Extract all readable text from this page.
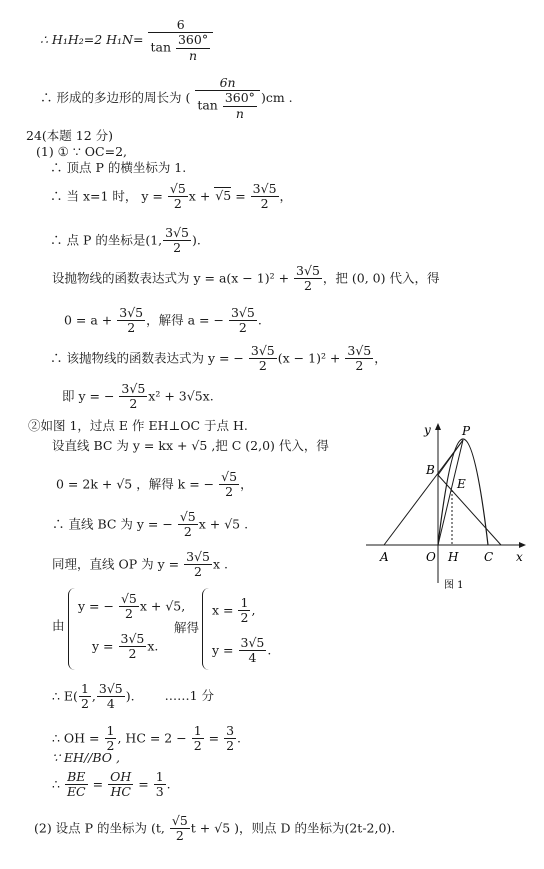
∴ H₁H₂=2 $H_1N= \frac{6}{\tan \frac{360^\circ}{n}}$
∴ 形成的多边形的周长为 ( $\frac{6n}{\tan \frac{360^\circ}{n}} )cm$ .
24(本题 12 分)
(1) ① ∵ OC=2,
∴ 顶点 P 的横坐标为 1.
∴ 当 x=1 时， $y = \frac{√5}{2}$ $x + √5 = \frac{3√5}{2}$ ，
∴ 点 P 的坐标是(1, $\frac{3√5}{2}$ ).
设抛物线的函数表达式为 $y = a(x - 1)^2 + \frac{3√5}{2}$ ，把 (0, 0) 代入，得
$0 = a + \frac{3√5}{2}$ ，解得 a = − $\frac{3√5}{2}$ .
∴ 该抛物线的函数表达式为 y = − $\frac{3√5}{2} (x - 1)^2 + \frac{3√5}{2}$ ，
即 y = − $\frac{3√5}{2} x^2 + 3√5x$.
②如图 1，过点 E 作 EH⊥OC 于点 H.
设直线 BC 为 y = kx + √5 ,把 C (2,0) 代入，得
0 = 2k + √5 ，解得 k = − $\frac{√5}{2}$ ，
∴ 直线 BC 为 y = − $\frac{√5}{2}$ x + √5 .
同理，直线 OP 为 $y = \frac{3√5}{2}$ x .
由
y = − $\frac{√5}{2}$ x + √5,
$y = \frac{3√5}{2} x$.
解得
$x = \frac{1}{2}$ ,
$y = \frac{3√5}{4}$ .
∴ $E( \frac{1}{2}$ , $\frac{3√5}{4}$ ). ……1 分
∴ OH = $\frac{1}{2}$ , HC = $2 - \frac{1}{2} = \frac{3}{2}$ .
∵ EH//BO ,
∴ $\frac{BE}{EC} = \frac{OH}{HC} = \frac{1}{3}$ .
(2) 设点 P 的坐标为 (t, $\frac{√5}{2}$ t + √5 )，则点 D 的坐标为(2t-2,0).
y	P
B
E
A	O H C x
图 1
